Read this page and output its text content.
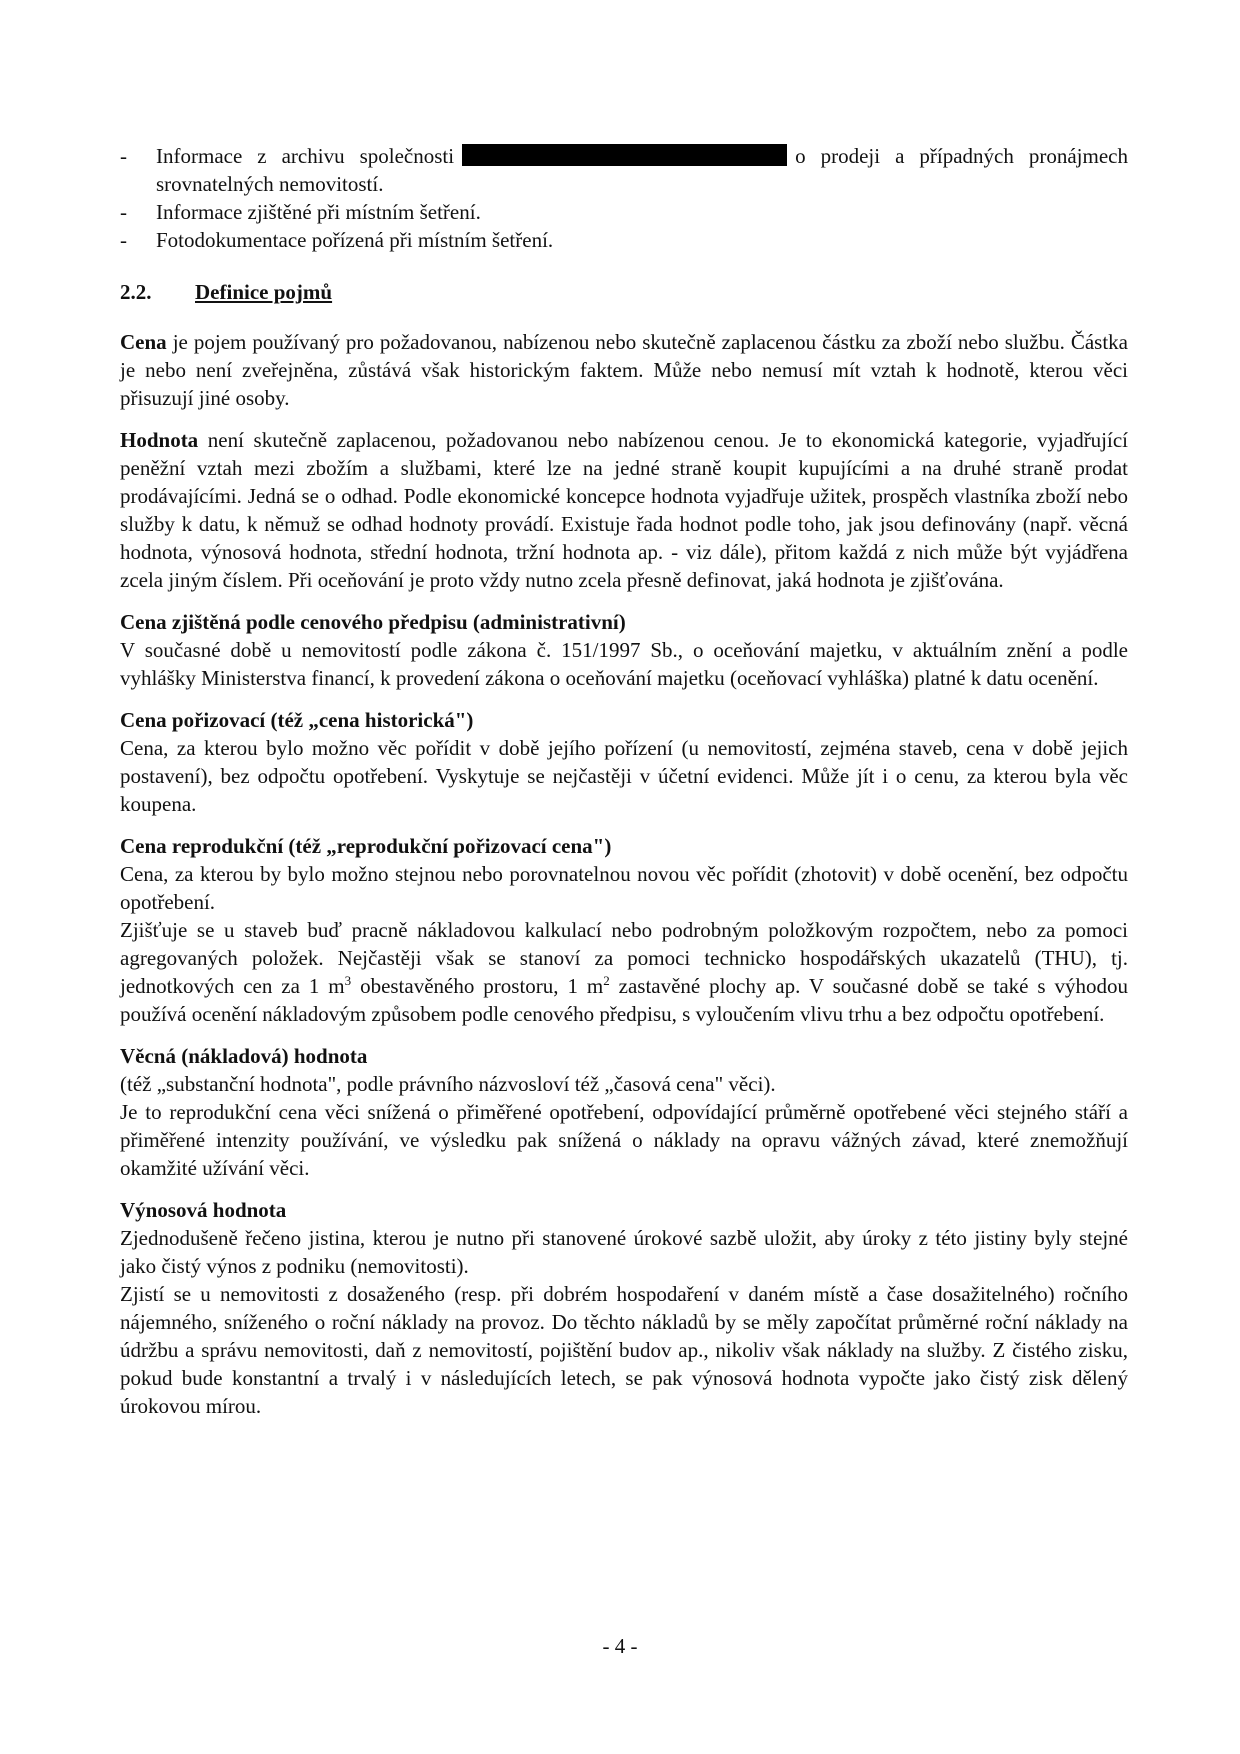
- Informace z archivu společnosti	o prodeji a případných pronájmech srovnatelných nemovitostí.
- Informace zjištěné při místním šetření.
- Fotodokumentace pořízená při místním šetření.
2.2.	Definice pojmů

Cena je pojem používaný pro požadovanou, nabízenou nebo skutečně zaplacenou částku za zboží nebo službu. Částka je nebo není zveřejněna, zůstává však historickým faktem. Může nebo nemusí mít vztah k hodnotě, kterou věci přisuzují jiné osoby.

Hodnota není skutečně zaplacenou, požadovanou nebo nabízenou cenou. Je to ekonomická kategorie, vyjadřující peněžní vztah mezi zbožím a službami, které lze na jedné straně koupit kupujícími a na druhé straně prodat prodávajícími. Jedná se o odhad. Podle ekonomické koncepce hodnota vyjadřuje užitek, prospěch vlastníka zboží nebo služby k datu, k němuž se odhad hodnoty provádí. Existuje řada hodnot podle toho, jak jsou definovány (např. věcná hodnota, výnosová hodnota, střední hodnota, tržní hodnota ap. - viz dále), přitom každá z nich může být vyjádřena zcela jiným číslem. Při oceňování je proto vždy nutno zcela přesně definovat, jaká hodnota je zjišťována.

Cena zjištěná podle cenového předpisu (administrativní)
V současné době u nemovitostí podle zákona č. 151/1997 Sb., o oceňování majetku, v aktuálním znění a podle vyhlášky Ministerstva financí, k provedení zákona o oceňování majetku (oceňovací vyhláška) platné k datu ocenění.
Cena pořizovací (též „cena historická")
Cena, za kterou bylo možno věc pořídit v době jejího pořízení (u nemovitostí, zejména staveb, cena v době jejich postavení), bez odpočtu opotřebení. Vyskytuje se nejčastěji v účetní evidenci. Může jít i o cenu, za kterou byla věc koupena.
Cena reprodukční (též „reprodukční pořizovací cena")
Cena, za kterou by bylo možno stejnou nebo porovnatelnou novou věc pořídit (zhotovit) v době ocenění, bez odpočtu opotřebení.
Zjišťuje se u staveb buď pracně nákladovou kalkulací nebo podrobným položkovým rozpočtem, nebo za pomoci agregovaných položek. Nejčastěji však se stanoví za pomoci technicko hospodářských ukazatelů (THU), tj. jednotkových cen za 1 $m^3$ obestavěného prostoru, 1 $m^2$ zastavěné plochy ap. V současné době se také s výhodou používá ocenění nákladovým způsobem podle cenového předpisu, s vyloučením vlivu trhu a bez odpočtu opotřebení.
Věcná (nákladová) hodnota
(též „substanční hodnota", podle právního názvosloví též „časová cena" věci).
Je to reprodukční cena věci snížená o přiměřené opotřebení, odpovídající průměrně opotřebené věci stejného stáří a přiměřené intenzity používání, ve výsledku pak snížená o náklady na opravu vážných závad, které znemožňují okamžité užívání věci.
Výnosová hodnota
Zjednodušeně řečeno jistina, kterou je nutno při stanovené úrokové sazbě uložit, aby úroky z této jistiny byly stejné jako čistý výnos z podniku (nemovitosti).
Zjistí se u nemovitosti z dosaženého (resp. při dobrém hospodaření v daném místě a čase dosažitelného) ročního nájemného, sníženého o roční náklady na provoz. Do těchto nákladů by se měly započítat průměrné roční náklady na údržbu a správu nemovitosti, daň z nemovitostí, pojištění budov ap., nikoliv však náklady na služby. Z čistého zisku, pokud bude konstantní a trvalý i v následujících letech, se pak výnosová hodnota vypočte jako čistý zisk dělený úrokovou mírou.
- 4 -
